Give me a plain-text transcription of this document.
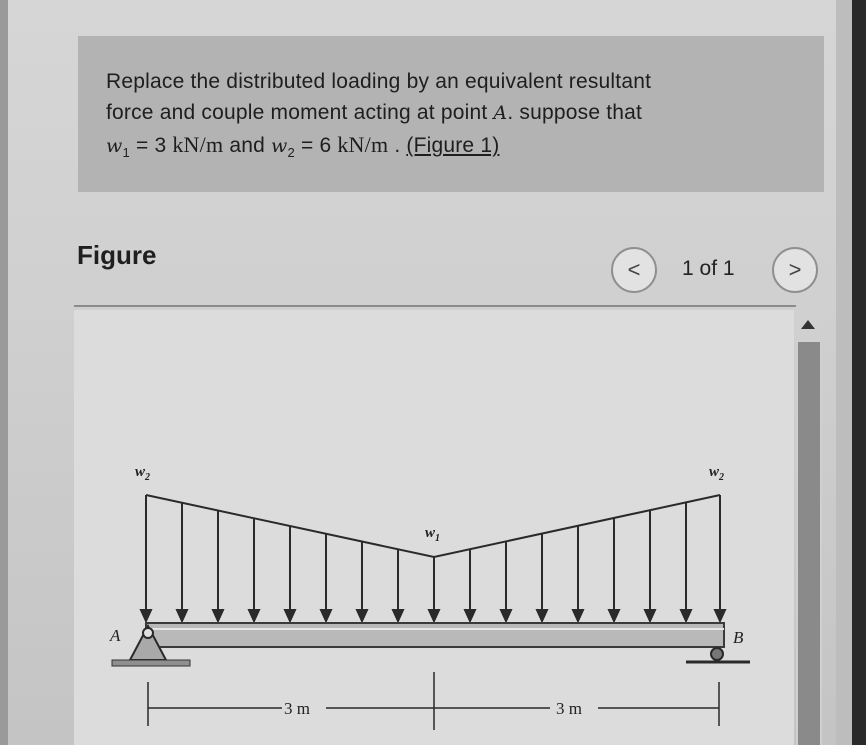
Replace the distributed loading by an equivalent resultant
force and couple moment acting at point A. suppose that
$w_1 = 3$ kN/m and $w_2 = 6$ kN/m . (Figure 1)
Figure	< 1 of 1 >
$w_2$
$w_1$
$w_2$
A	B
3 m	3 m
